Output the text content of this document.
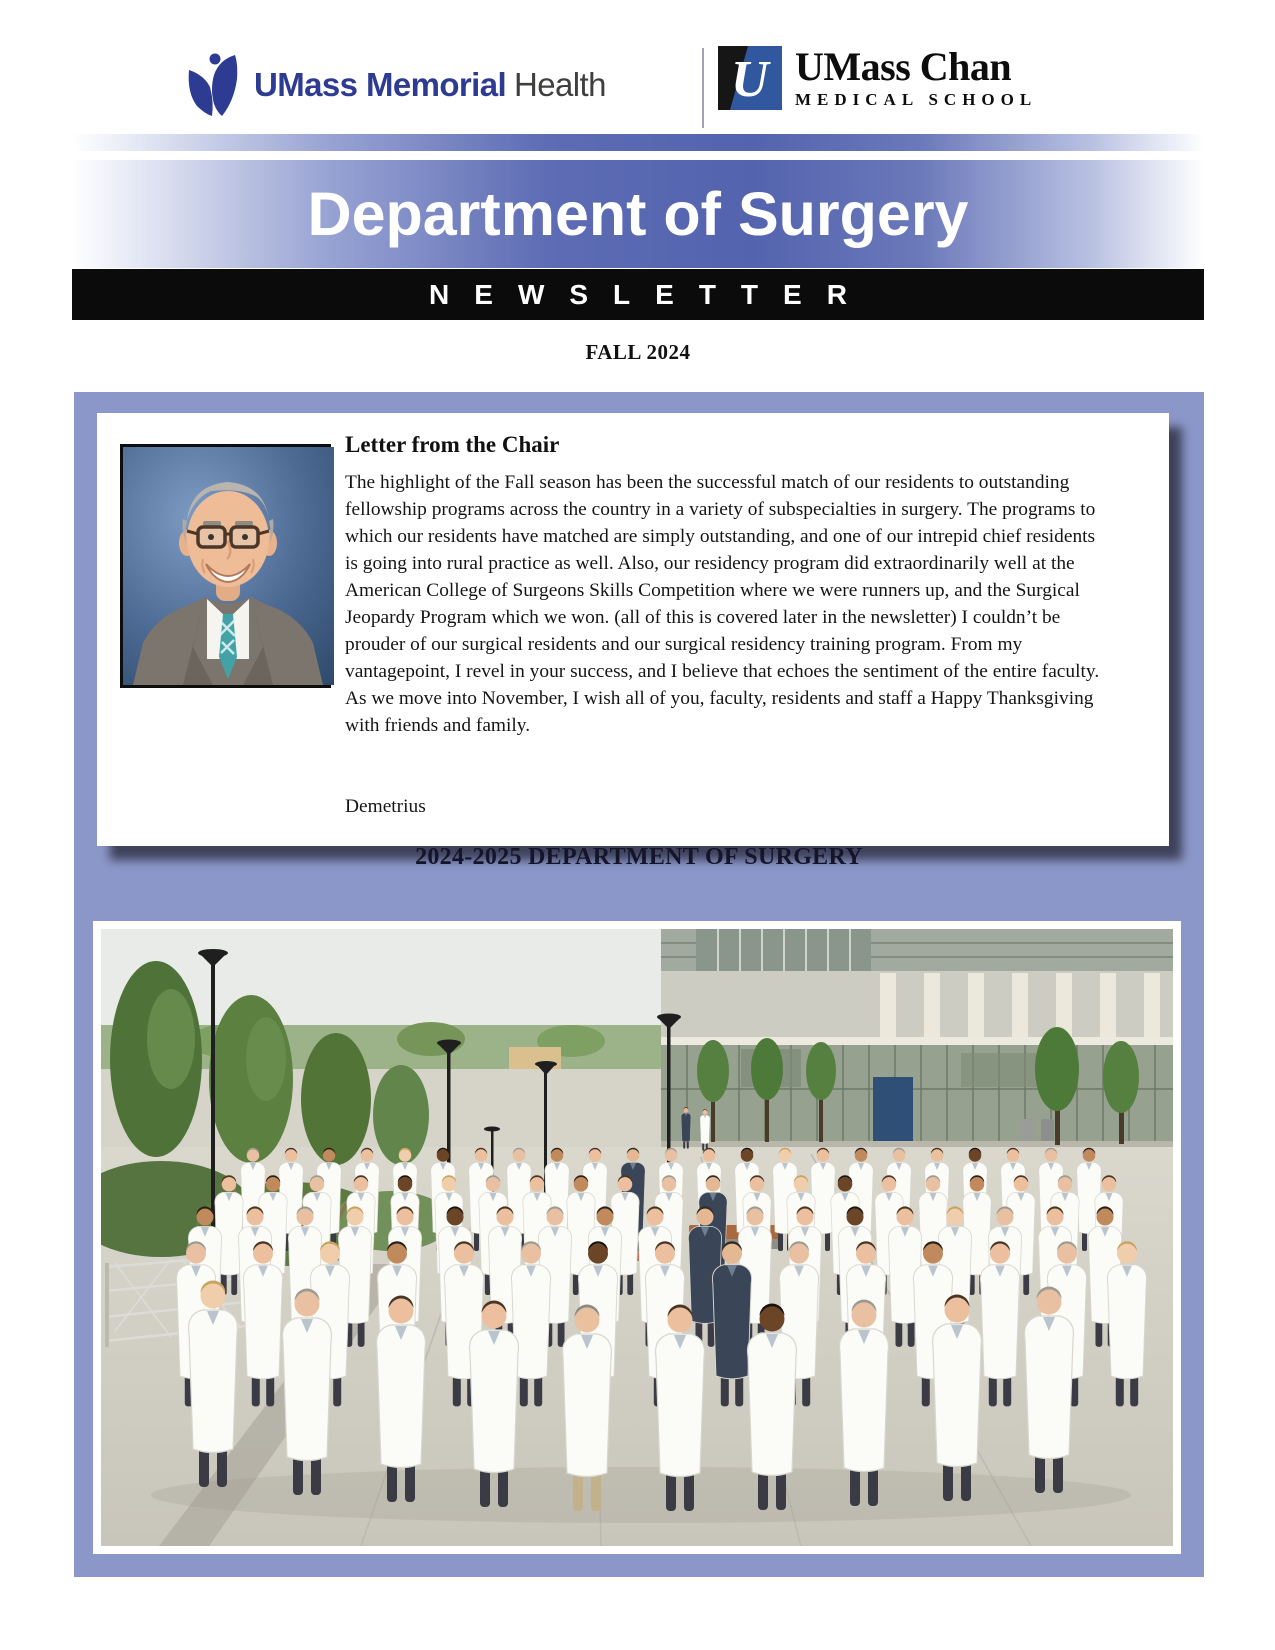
UMass Memorial Health U UMass Chan
MEDICAL SCHOOL
Department of Surgery
NEWSLETTER
FALL 2024
Letter from the Chair
The highlight of the Fall season has been the successful match of our residents to outstanding fellowship programs across the country in a variety of subspecialties in surgery. The programs to which our residents have matched are simply outstanding, and one of our intrepid chief residents is going into rural practice as well. Also, our residency program did extraordinarily well at the American College of Surgeons Skills Competition where we were runners up, and the Surgical Jeopardy Program which we won. (all of this is covered later in the newsletter) I couldn’t be prouder of our surgical residents and our surgical residency training program. From my vantagepoint, I revel in your success, and I believe that echoes the sentiment of the entire faculty. As we move into November, I wish all of you, faculty, residents and staff a Happy Thanksgiving with friends and family.
Demetrius
2024-2025 DEPARTMENT OF SURGERY
